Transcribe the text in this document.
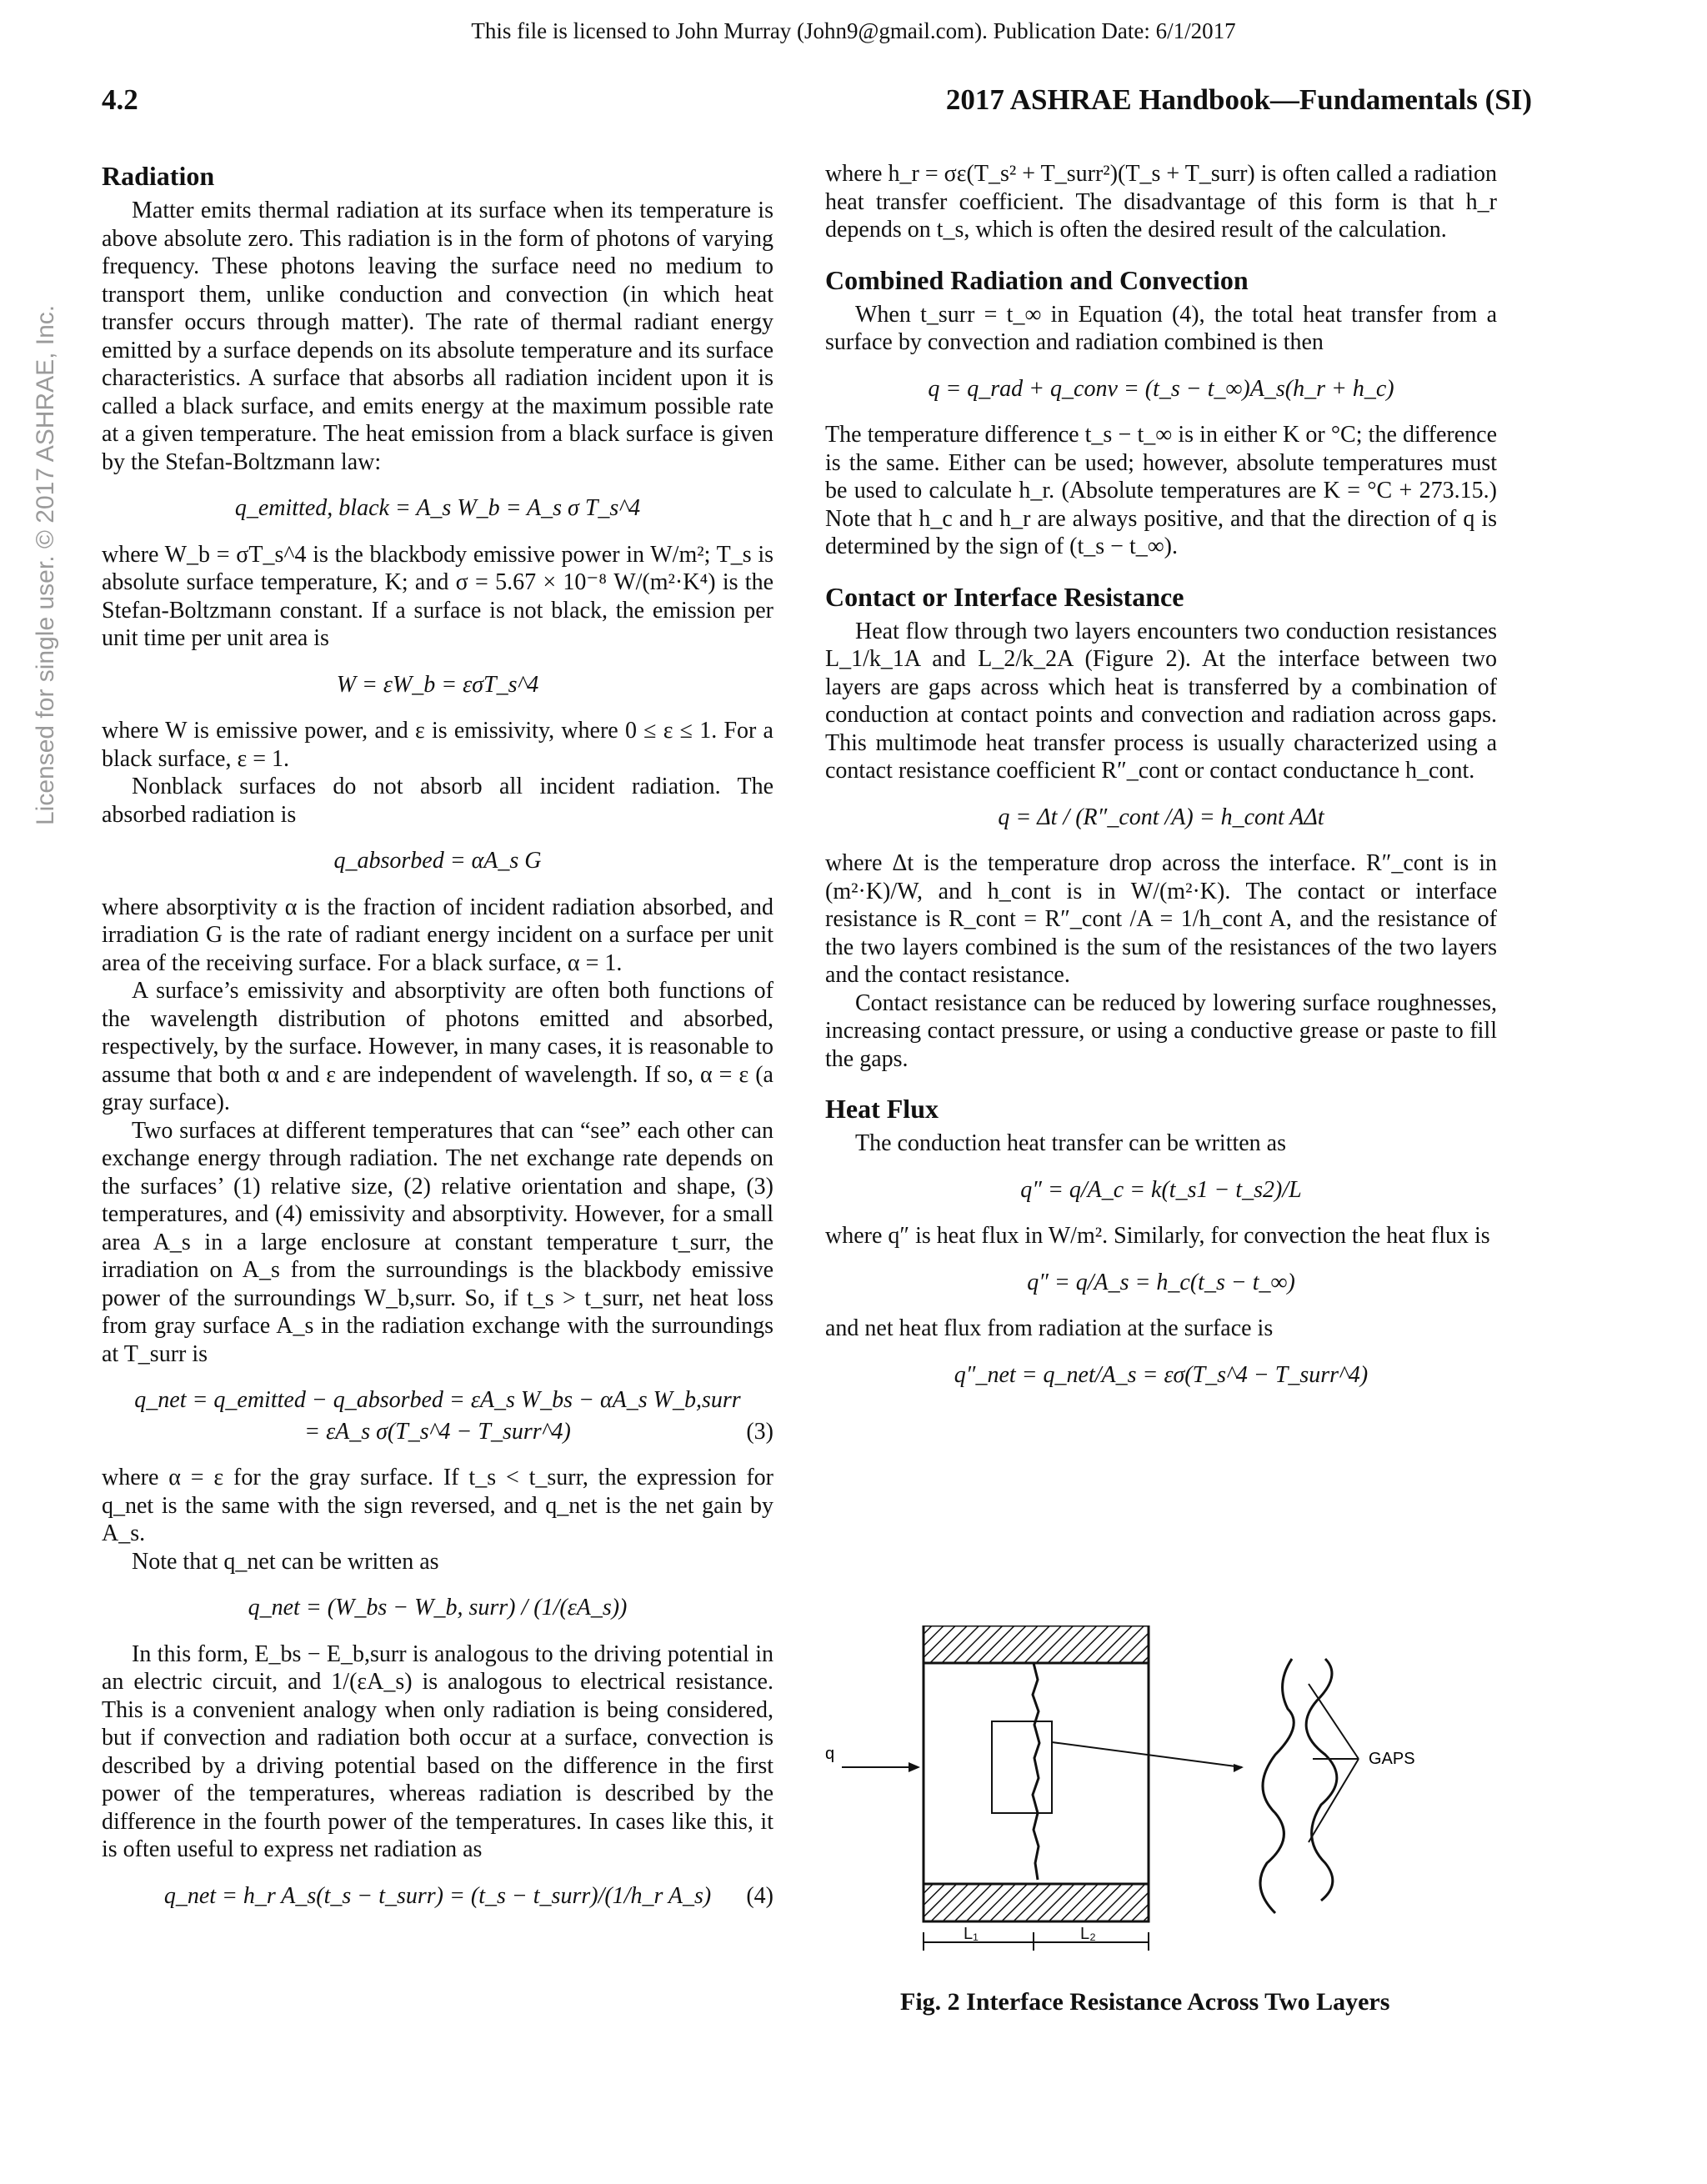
This file is licensed to John Murray (John9@gmail.com). Publication Date: 6/1/2017
Licensed for single user. © 2017 ASHRAE, Inc.
4.2	2017 ASHRAE Handbook—Fundamentals (SI)
Radiation

Matter emits thermal radiation at its surface when its temperature is above absolute zero. This radiation is in the form of photons of varying frequency. These photons leaving the surface need no medium to transport them, unlike conduction and convection (in which heat transfer occurs through matter). The rate of thermal radiant energy emitted by a surface depends on its absolute temperature and its surface characteristics. A surface that absorbs all radiation incident upon it is called a black surface, and emits energy at the maximum possible rate at a given temperature. The heat emission from a black surface is given by the Stefan-Boltzmann law:

q_emitted, black = A_s W_b = A_s σ T_s^4

where W_b = σT_s^4 is the blackbody emissive power in W/m²; T_s is absolute surface temperature, K; and σ = 5.67 × 10⁻⁸ W/(m²·K⁴) is the Stefan-Boltzmann constant. If a surface is not black, the emission per unit time per unit area is

W = εW_b = εσT_s^4

where W is emissive power, and ε is emissivity, where 0 ≤ ε ≤ 1. For a black surface, ε = 1.

Nonblack surfaces do not absorb all incident radiation. The absorbed radiation is

q_absorbed = αA_s G

where absorptivity α is the fraction of incident radiation absorbed, and irradiation G is the rate of radiant energy incident on a surface per unit area of the receiving surface. For a black surface, α = 1.

A surface’s emissivity and absorptivity are often both functions of the wavelength distribution of photons emitted and absorbed, respectively, by the surface. However, in many cases, it is reasonable to assume that both α and ε are independent of wavelength. If so, α = ε (a gray surface).

Two surfaces at different temperatures that can “see” each other can exchange energy through radiation. The net exchange rate depends on the surfaces’ (1) relative size, (2) relative orientation and shape, (3) temperatures, and (4) emissivity and absorptivity. However, for a small area A_s in a large enclosure at constant temperature t_surr, the irradiation on A_s from the surroundings is the blackbody emissive power of the surroundings W_b,surr. So, if t_s > t_surr, net heat loss from gray surface A_s in the radiation exchange with the surroundings at T_surr is

q_net = q_emitted − q_absorbed = εA_s W_bs − αA_s W_b,surr
= εA_s σ(T_s^4 − T_surr^4)	(3)

where α = ε for the gray surface. If t_s < t_surr, the expression for q_net is the same with the sign reversed, and q_net is the net gain by A_s.

Note that q_net can be written as

q_net = (W_bs − W_b, surr) / (1/(εA_s))

In this form, E_bs − E_b,surr is analogous to the driving potential in an electric circuit, and 1/(εA_s) is analogous to electrical resistance. This is a convenient analogy when only radiation is being considered, but if convection and radiation both occur at a surface, convection is described by a driving potential based on the difference in the first power of the temperatures, whereas radiation is described by the difference in the fourth power of the temperatures. In cases like this, it is often useful to express net radiation as

q_net = h_r A_s(t_s − t_surr) = (t_s − t_surr)/(1/h_r A_s) (4)

where h_r = σε(T_s² + T_surr²)(T_s + T_surr) is often called a radiation heat transfer coefficient. The disadvantage of this form is that h_r depends on t_s, which is often the desired result of the calculation.

Combined Radiation and Convection

When t_surr = t_∞ in Equation (4), the total heat transfer from a surface by convection and radiation combined is then

q = q_rad + q_conv = (t_s − t_∞)A_s(h_r + h_c)

The temperature difference t_s − t_∞ is in either K or °C; the difference is the same. Either can be used; however, absolute temperatures must be used to calculate h_r. (Absolute temperatures are K = °C + 273.15.) Note that h_c and h_r are always positive, and that the direction of q is determined by the sign of (t_s − t_∞).

Contact or Interface Resistance

Heat flow through two layers encounters two conduction resistances L_1/k_1A and L_2/k_2A (Figure 2). At the interface between two layers are gaps across which heat is transferred by a combination of conduction at contact points and convection and radiation across gaps. This multimode heat transfer process is usually characterized using a contact resistance coefficient R″_cont or contact conductance h_cont.

q = Δt / (R″_cont /A) = h_cont AΔt

where Δt is the temperature drop across the interface. R″_cont is in (m²·K)/W, and h_cont is in W/(m²·K). The contact or interface resistance is R_cont = R″_cont /A = 1/h_cont A, and the resistance of the two layers combined is the sum of the resistances of the two layers and the contact resistance.

Contact resistance can be reduced by lowering surface roughnesses, increasing contact pressure, or using a conductive grease or paste to fill the gaps.

Heat Flux

The conduction heat transfer can be written as

q″ = q/A_c = k(t_s1 − t_s2)/L

where q″ is heat flux in W/m². Similarly, for convection the heat flux is

q″ = q/A_s = h_c(t_s − t_∞)

and net heat flux from radiation at the surface is

q″_net = q_net/A_s = εσ(T_s^4 − T_surr^4)
q	GAPS
L₁	L₂
Fig. 2 Interface Resistance Across Two Layers
